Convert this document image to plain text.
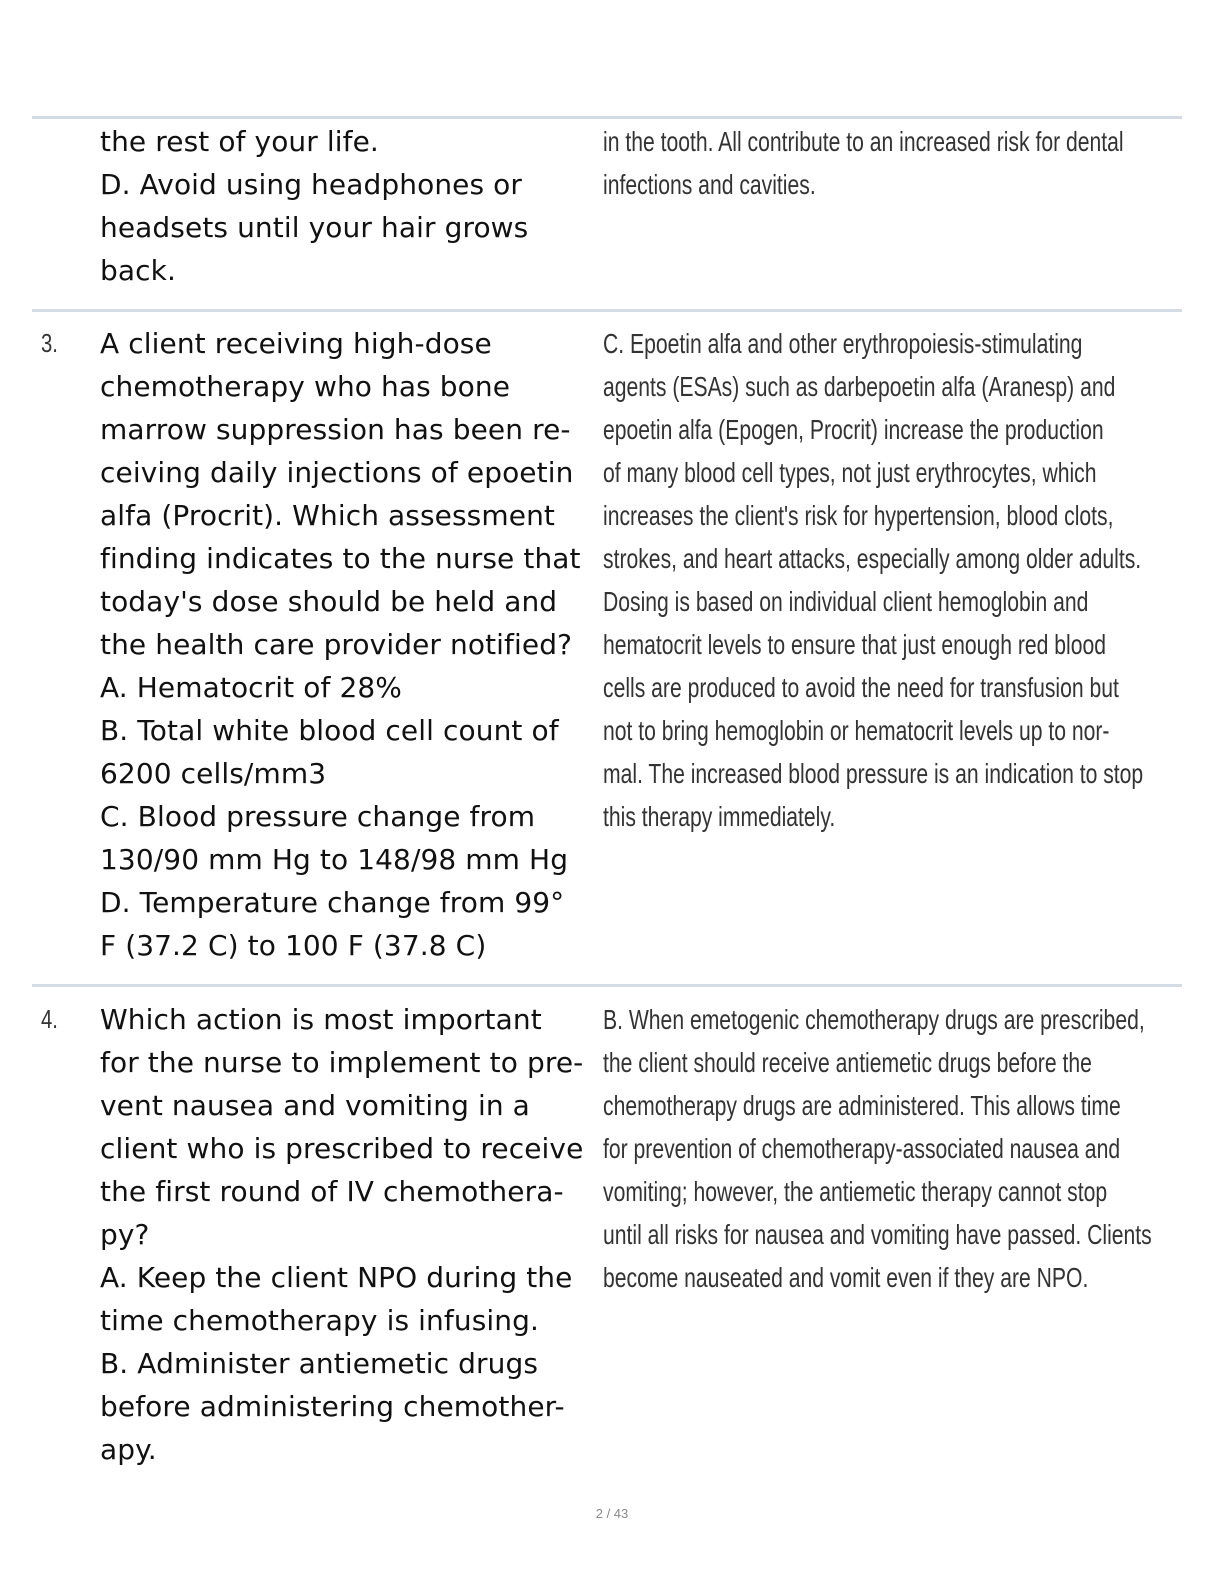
the rest of your life.
D. Avoid using headphones or
headsets until your hair grows
back.
in the tooth. All contribute to an increased risk for dental
infections and cavities.
3. A client receiving high-dose
chemotherapy who has bone
marrow suppression has been re-
ceiving daily injections of epoetin
alfa (Procrit). Which assessment
finding indicates to the nurse that
today's dose should be held and
the health care provider notified?
A. Hematocrit of 28%
B. Total white blood cell count of
6200 cells/mm3
C. Blood pressure change from
130/90 mm Hg to 148/98 mm Hg
D. Temperature change from 99°
F (37.2 C) to 100 F (37.8 C)
C. Epoetin alfa and other erythropoiesis-stimulating
agents (ESAs) such as darbepoetin alfa (Aranesp) and
epoetin alfa (Epogen, Procrit) increase the production
of many blood cell types, not just erythrocytes, which
increases the client's risk for hypertension, blood clots,
strokes, and heart attacks, especially among older adults.
Dosing is based on individual client hemoglobin and
hematocrit levels to ensure that just enough red blood
cells are produced to avoid the need for transfusion but
not to bring hemoglobin or hematocrit levels up to nor-
mal. The increased blood pressure is an indication to stop
this therapy immediately.
4. Which action is most important
for the nurse to implement to pre-
vent nausea and vomiting in a
client who is prescribed to receive
the first round of IV chemothera-
py?
A. Keep the client NPO during the
time chemotherapy is infusing.
B. Administer antiemetic drugs
before administering chemother-
apy.
B. When emetogenic chemotherapy drugs are prescribed,
the client should receive antiemetic drugs before the
chemotherapy drugs are administered. This allows time
for prevention of chemotherapy-associated nausea and
vomiting; however, the antiemetic therapy cannot stop
until all risks for nausea and vomiting have passed. Clients
become nauseated and vomit even if they are NPO.
2 / 43
